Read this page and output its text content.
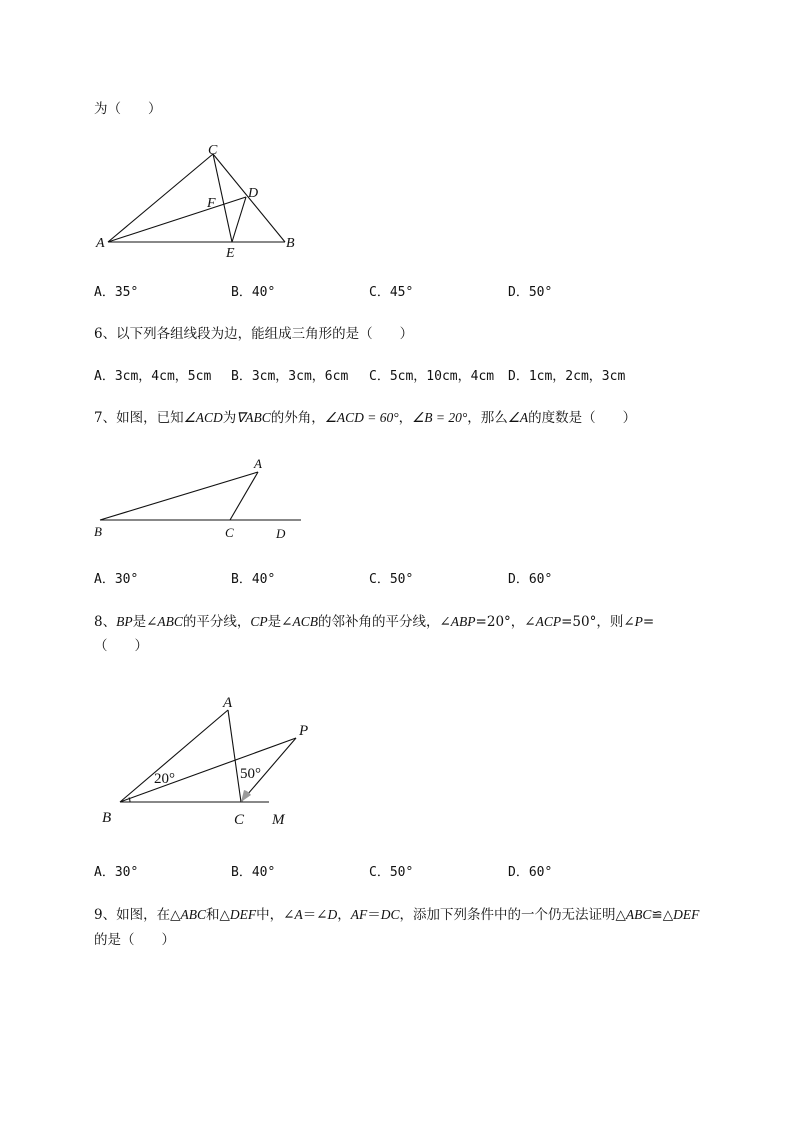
为（　　）
C
D
F
A
E
B
A．35°	B．40°	C．45°	D．50°
6、以下列各组线段为边，能组成三角形的是（　　）
A．3cm，4cm，5cm B．3cm，3cm，6cm C．5cm，10cm，4cm D．1cm，2cm，3cm
7、如图，已知∠ACD为∇ABC的外角，∠ACD = 60°，∠B = 20°，那么∠A的度数是（　　）
A
B	C	D
A．30°	B．40°	C．50°	D．60°
8、BP是∠ABC的平分线，CP是∠ACB的邻补角的平分线，∠ABP=20°，∠ACP=50°，则∠P=
（　　）
A
P
B	C M
20°	50°
A．30°	B．40°	C．50°	D．60°
9、如图，在△ABC和△DEF中，∠A＝∠D，AF＝DC，添加下列条件中的一个仍无法证明△ABC≌△DEF
的是（　　）
